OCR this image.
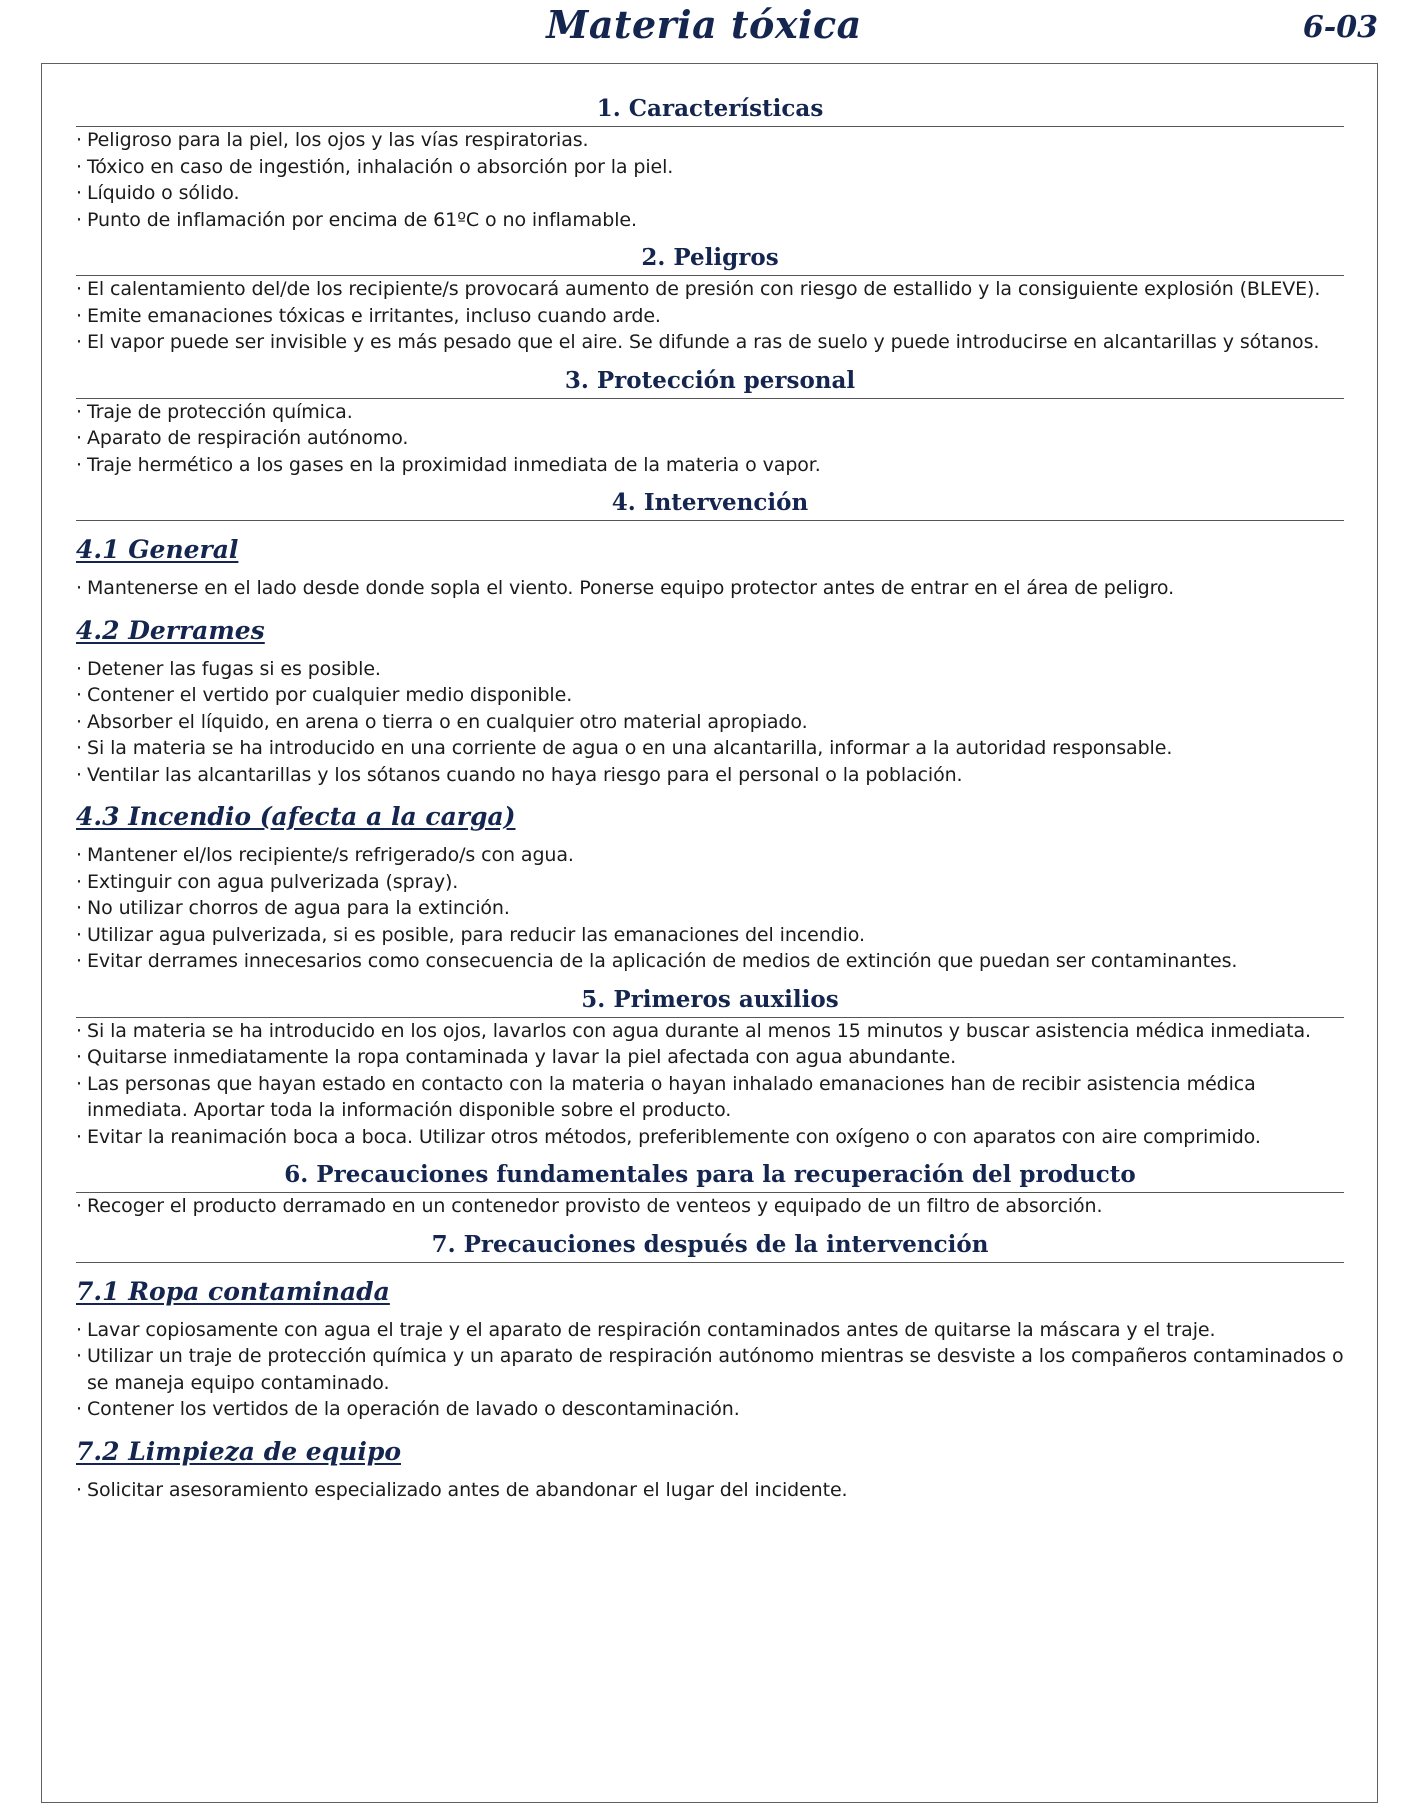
Materia tóxica	6-03
1. Características
· Peligroso para la piel, los ojos y las vías respiratorias.
· Tóxico en caso de ingestión, inhalación o absorción por la piel.
· Líquido o sólido.
· Punto de inflamación por encima de 61ºC o no inflamable.
2. Peligros
· El calentamiento del/de los recipiente/s provocará aumento de presión con riesgo de estallido y la consiguiente explosión (BLEVE).
· Emite emanaciones tóxicas e irritantes, incluso cuando arde.
· El vapor puede ser invisible y es más pesado que el aire. Se difunde a ras de suelo y puede introducirse en alcantarillas y sótanos.
3. Protección personal
· Traje de protección química.
· Aparato de respiración autónomo.
· Traje hermético a los gases en la proximidad inmediata de la materia o vapor.
4. Intervención
4.1 General
· Mantenerse en el lado desde donde sopla el viento. Ponerse equipo protector antes de entrar en el área de peligro.
4.2 Derrames
· Detener las fugas si es posible.
· Contener el vertido por cualquier medio disponible.
· Absorber el líquido, en arena o tierra o en cualquier otro material apropiado.
· Si la materia se ha introducido en una corriente de agua o en una alcantarilla, informar a la autoridad responsable.
· Ventilar las alcantarillas y los sótanos cuando no haya riesgo para el personal o la población.
4.3 Incendio (afecta a la carga)
· Mantener el/los recipiente/s refrigerado/s con agua.
· Extinguir con agua pulverizada (spray).
· No utilizar chorros de agua para la extinción.
· Utilizar agua pulverizada, si es posible, para reducir las emanaciones del incendio.
· Evitar derrames innecesarios como consecuencia de la aplicación de medios de extinción que puedan ser contaminantes.
5. Primeros auxilios
· Si la materia se ha introducido en los ojos, lavarlos con agua durante al menos 15 minutos y buscar asistencia médica inmediata.
· Quitarse inmediatamente la ropa contaminada y lavar la piel afectada con agua abundante.
· Las personas que hayan estado en contacto con la materia o hayan inhalado emanaciones han de recibir asistencia médica inmediata. Aportar toda la información disponible sobre el producto.
· Evitar la reanimación boca a boca. Utilizar otros métodos, preferiblemente con oxígeno o con aparatos con aire comprimido.
6. Precauciones fundamentales para la recuperación del producto
· Recoger el producto derramado en un contenedor provisto de venteos y equipado de un filtro de absorción.
7. Precauciones después de la intervención
7.1 Ropa contaminada
· Lavar copiosamente con agua el traje y el aparato de respiración contaminados antes de quitarse la máscara y el traje.
· Utilizar un traje de protección química y un aparato de respiración autónomo mientras se desviste a los compañeros contaminados o se maneja equipo contaminado.
· Contener los vertidos de la operación de lavado o descontaminación.
7.2 Limpieza de equipo
· Solicitar asesoramiento especializado antes de abandonar el lugar del incidente.
